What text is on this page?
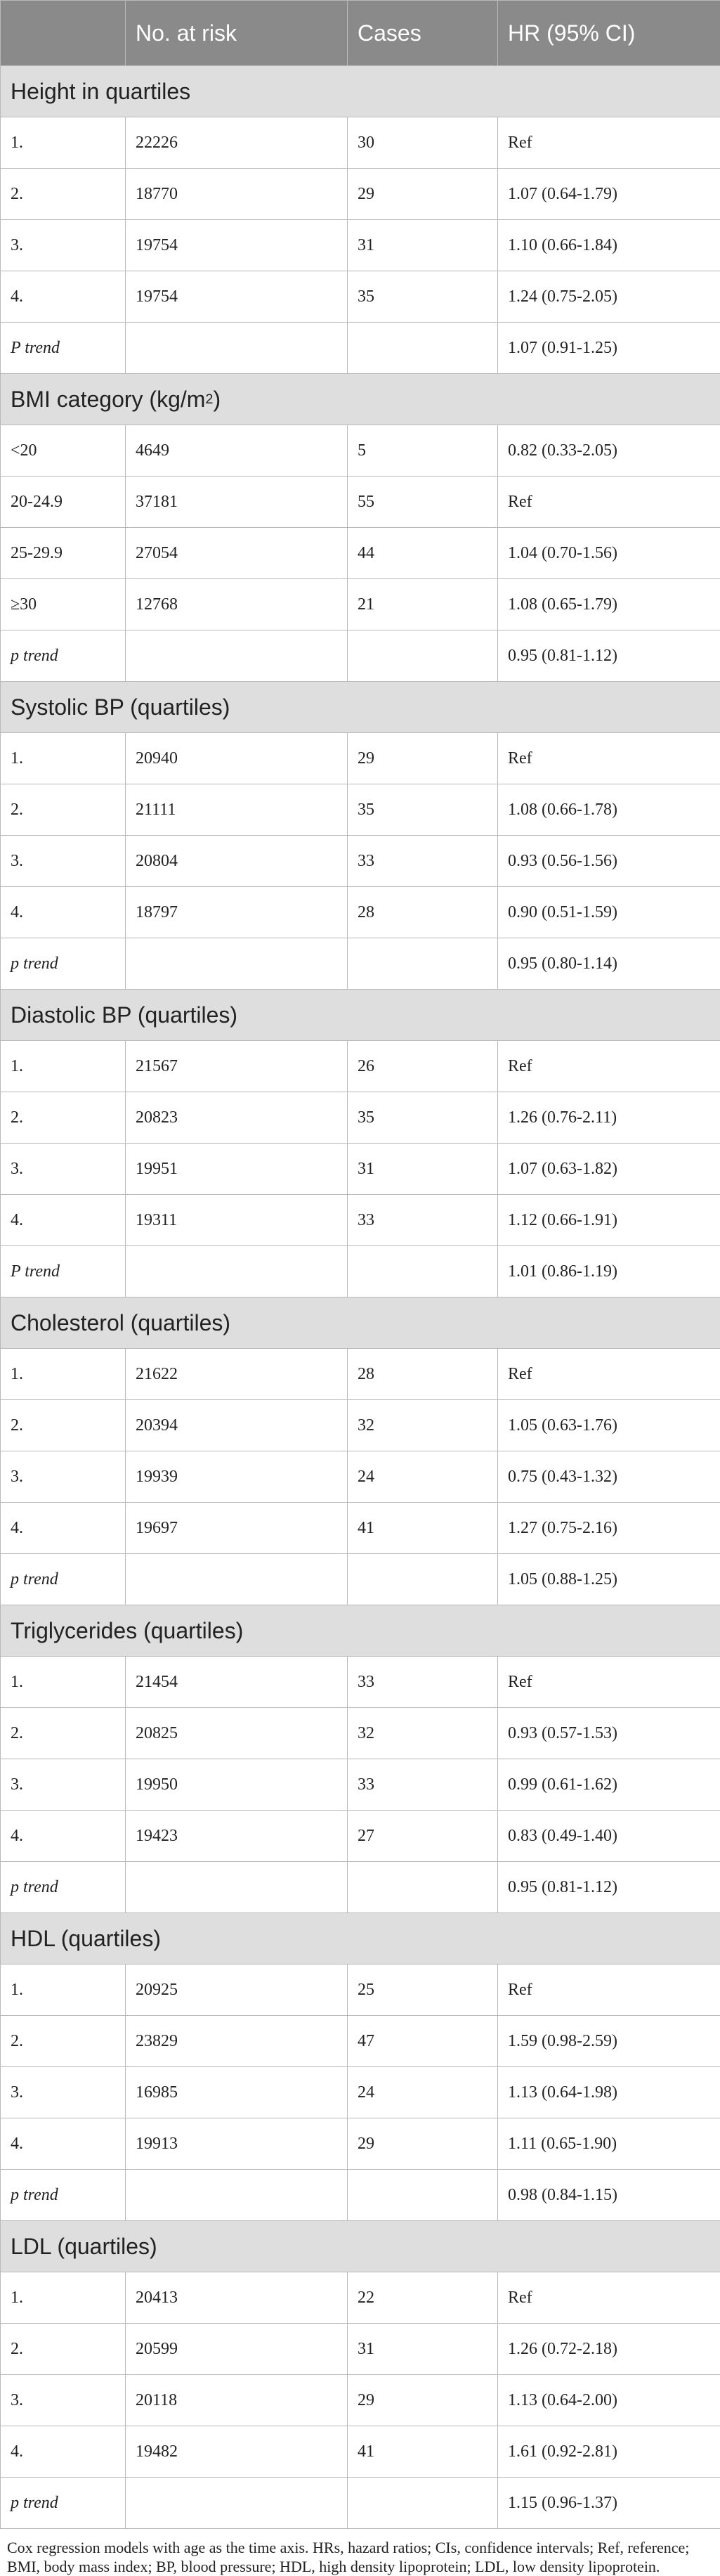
	No. at risk	Cases	HR (95% CI)
Height in quartiles			
1.	22226	30	Ref
2.	18770	29	1.07 (0.64-1.79)
3.	19754	31	1.10 (0.66-1.84)
4.	19754	35	1.24 (0.75-2.05)
P trend			1.07 (0.91-1.25)
BMI category $(kg/m^2)$			
<20	4649	5	0.82 (0.33-2.05)
20-24.9	37181	55	Ref
25-29.9	27054	44	1.04 (0.70-1.56)
≥30	12768	21	1.08 (0.65-1.79)
p trend			0.95 (0.81-1.12)
Systolic BP (quartiles)			
1.	20940	29	Ref
2.	21111	35	1.08 (0.66-1.78)
3.	20804	33	0.93 (0.56-1.56)
4.	18797	28	0.90 (0.51-1.59)
p trend			0.95 (0.80-1.14)
Diastolic BP (quartiles)			
1.	21567	26	Ref
2.	20823	35	1.26 (0.76-2.11)
3.	19951	31	1.07 (0.63-1.82)
4.	19311	33	1.12 (0.66-1.91)
P trend			1.01 (0.86-1.19)
Cholesterol (quartiles)			
1.	21622	28	Ref
2.	20394	32	1.05 (0.63-1.76)
3.	19939	24	0.75 (0.43-1.32)
4.	19697	41	1.27 (0.75-2.16)
p trend			1.05 (0.88-1.25)
Triglycerides (quartiles)			
1.	21454	33	Ref
2.	20825	32	0.93 (0.57-1.53)
3.	19950	33	0.99 (0.61-1.62)
4.	19423	27	0.83 (0.49-1.40)
p trend			0.95 (0.81-1.12)
HDL (quartiles)			
1.	20925	25	Ref
2.	23829	47	1.59 (0.98-2.59)
3.	16985	24	1.13 (0.64-1.98)
4.	19913	29	1.11 (0.65-1.90)
p trend			0.98 (0.84-1.15)
LDL (quartiles)			
1.	20413	22	Ref
2.	20599	31	1.26 (0.72-2.18)
3.	20118	29	1.13 (0.64-2.00)
4.	19482	41	1.61 (0.92-2.81)
p trend			1.15 (0.96-1.37)
Cox regression models with age as the time axis. HRs, hazard ratios; CIs, confidence intervals; Ref, reference; BMI, body mass index; BP, blood pressure; HDL, high density lipoprotein; LDL, low density lipoprotein.
